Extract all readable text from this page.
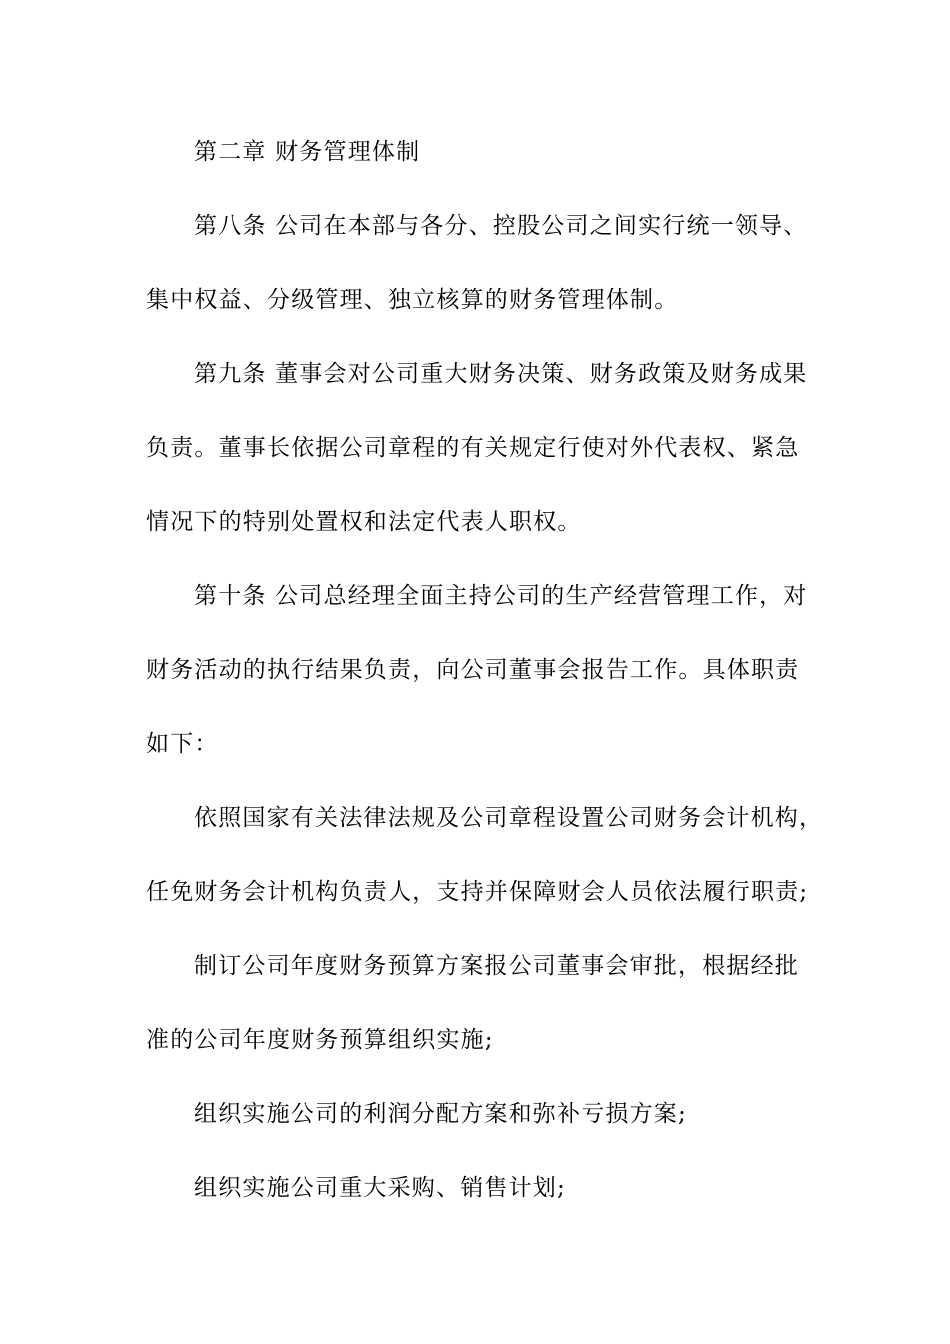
第二章 财务管理体制
第八条 公司在本部与各分、控股公司之间实行统一领导、
集中权益、分级管理、独立核算的财务管理体制。
第九条 董事会对公司重大财务决策、财务政策及财务成果
负责。董事长依据公司章程的有关规定行使对外代表权、紧急
情况下的特别处置权和法定代表人职权。
第十条 公司总经理全面主持公司的生产经营管理工作，对
财务活动的执行结果负责，向公司董事会报告工作。具体职责
如下：
依照国家有关法律法规及公司章程设置公司财务会计机构，
任免财务会计机构负责人，支持并保障财会人员依法履行职责;
制订公司年度财务预算方案报公司董事会审批，根据经批
准的公司年度财务预算组织实施;
组织实施公司的利润分配方案和弥补亏损方案;
组织实施公司重大采购、销售计划;
